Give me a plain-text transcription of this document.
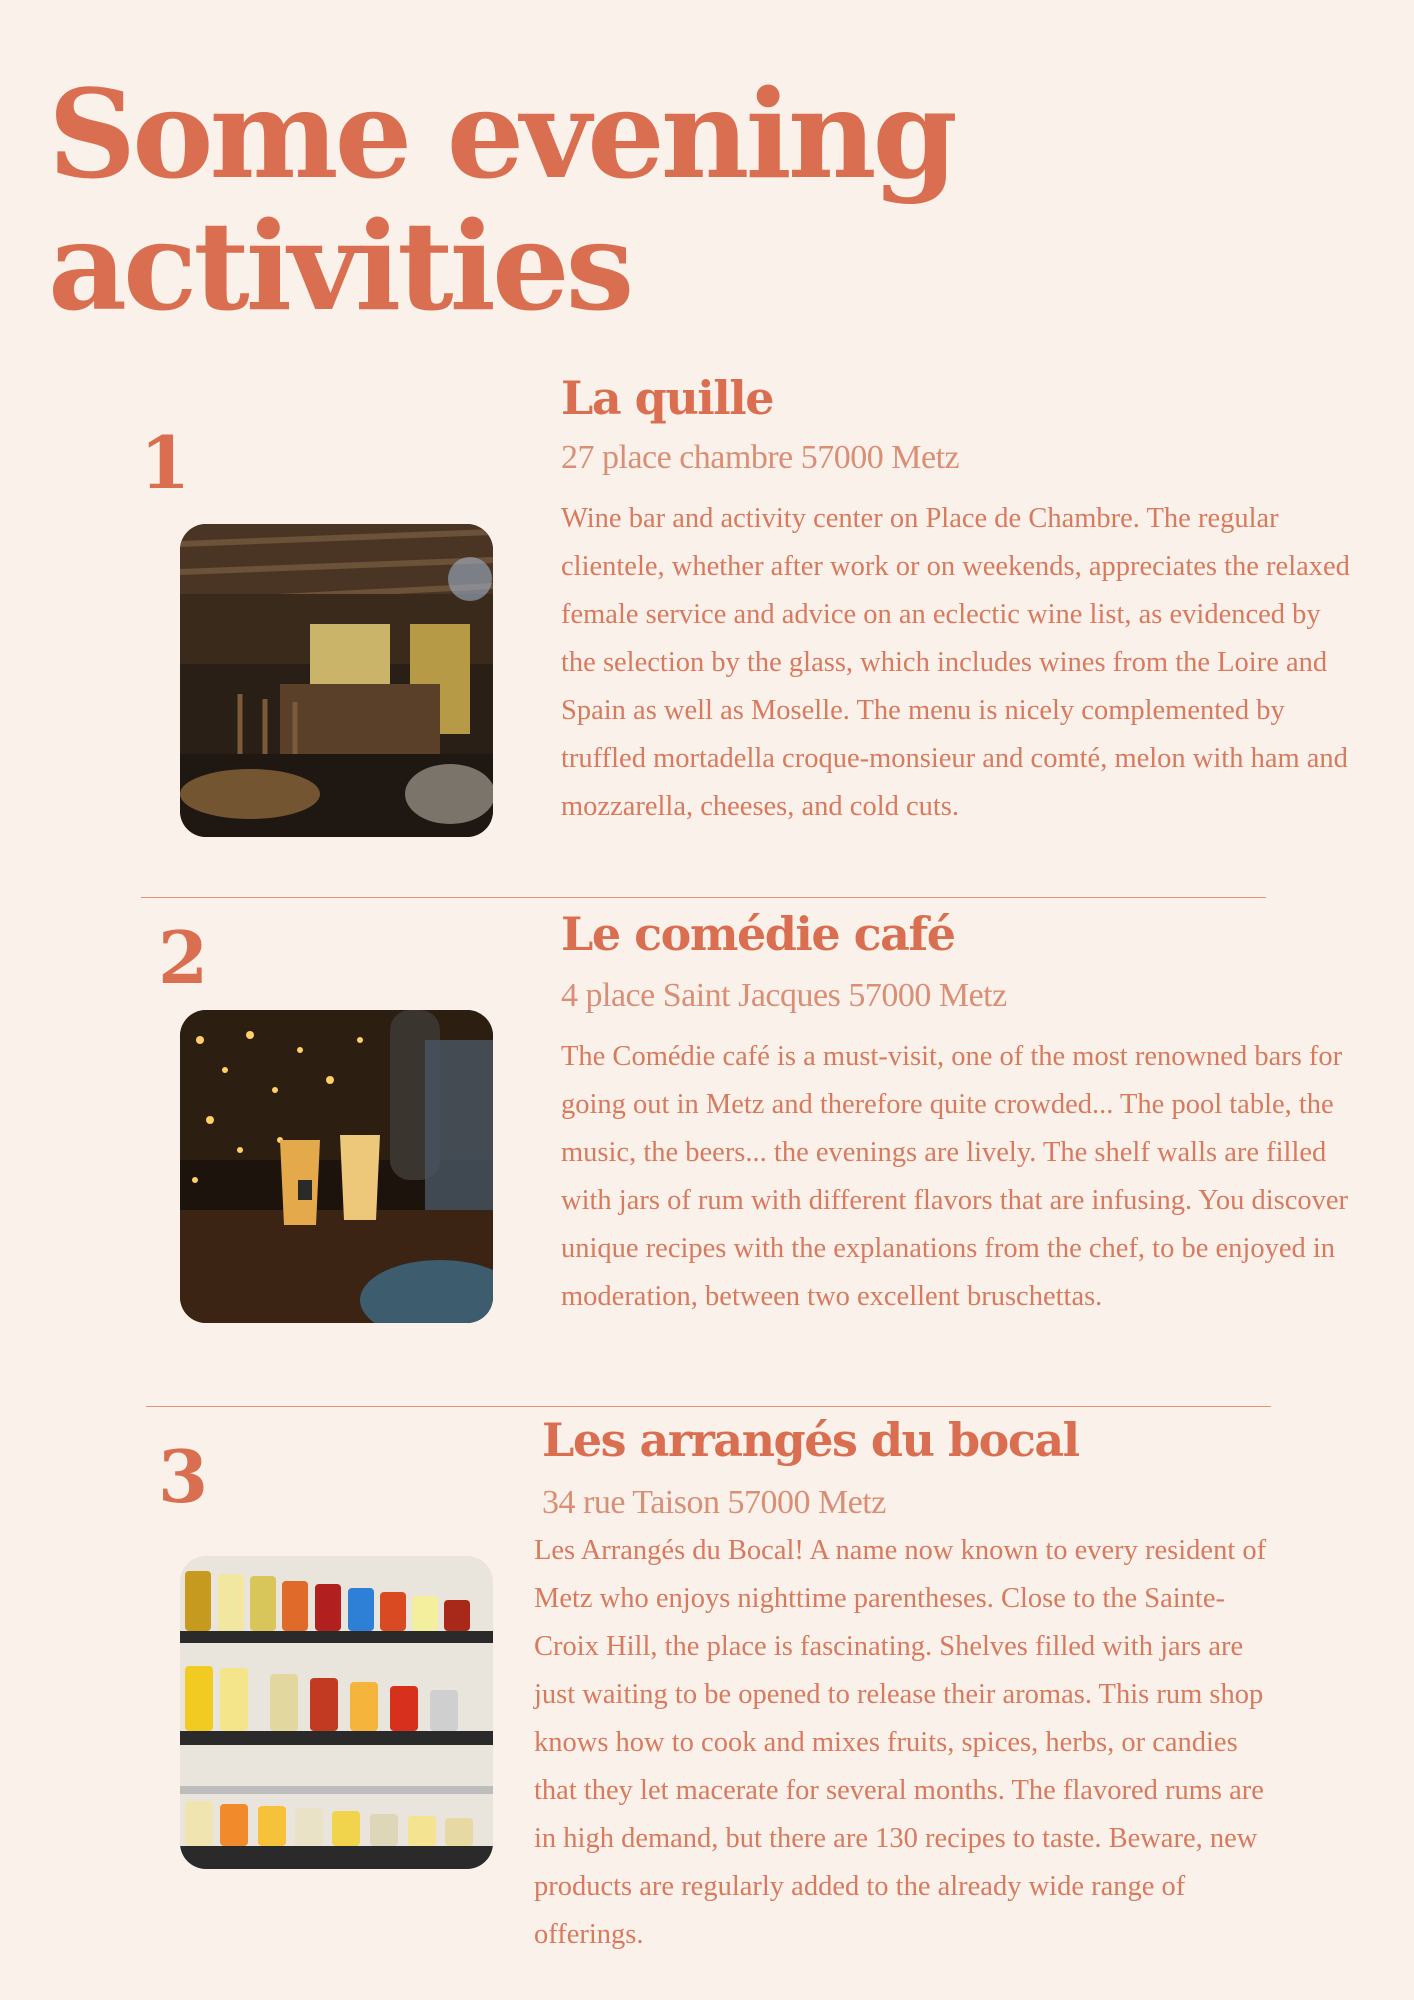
Some evening
activities
1
La quille
27 place chambre 57000 Metz

Wine bar and activity center on Place de Chambre. The regular clientele, whether after work or on weekends, appreciates the relaxed female service and advice on an eclectic wine list, as evidenced by the selection by the glass, which includes wines from the Loire and Spain as well as Moselle. The menu is nicely complemented by truffled mortadella croque-monsieur and comté, melon with ham and mozzarella, cheeses, and cold cuts.

2	Le comédie café
4 place Saint Jacques 57000 Metz

The Comédie café is a must-visit, one of the most renowned bars for going out in Metz and therefore quite crowded... The pool table, the music, the beers... the evenings are lively. The shelf walls are filled with jars of rum with different flavors that are infusing. You discover unique recipes with the explanations from the chef, to be enjoyed in moderation, between two excellent bruschettas.

3	Les arrangés du bocal
34 rue Taison 57000 Metz

Les Arrangés du Bocal! A name now known to every resident of Metz who enjoys nighttime parentheses. Close to the Sainte-Croix Hill, the place is fascinating. Shelves filled with jars are just waiting to be opened to release their aromas. This rum shop knows how to cook and mixes fruits, spices, herbs, or candies that they let macerate for several months. The flavored rums are in high demand, but there are 130 recipes to taste. Beware, new products are regularly added to the already wide range of offerings.
